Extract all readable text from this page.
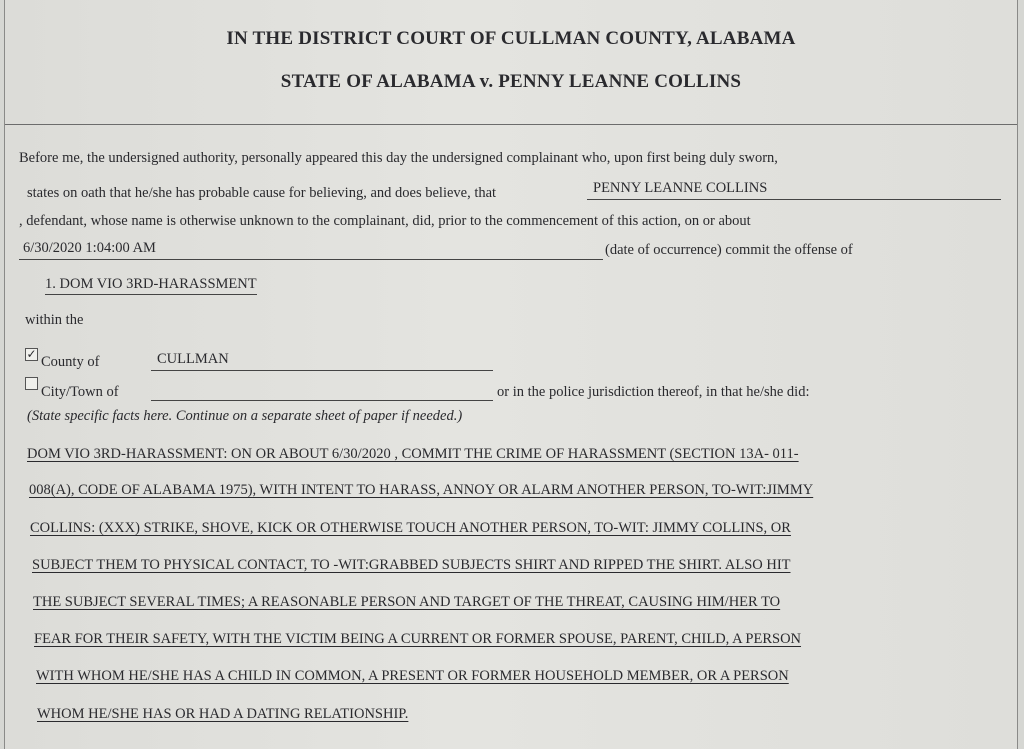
IN THE DISTRICT COURT OF CULLMAN COUNTY, ALABAMA
STATE OF ALABAMA v. PENNY LEANNE COLLINS
Before me, the undersigned authority, personally appeared this day the undersigned complainant who, upon first being duly sworn,
states on oath that he/she has probable cause for believing, and does believe, that	PENNY LEANNE COLLINS
, defendant, whose name is otherwise unknown to the complainant, did, prior to the commencement of this action, on or about
6/30/2020 1:04:00 AM	(date of occurrence) commit the offense of
1. DOM VIO 3RD-HARASSMENT
within the
✓ County of	CULLMAN
City/Town of	or in the police jurisdiction thereof, in that he/she did:
(State specific facts here. Continue on a separate sheet of paper if needed.)
DOM VIO 3RD-HARASSMENT: ON OR ABOUT 6/30/2020 , COMMIT THE CRIME OF HARASSMENT (SECTION 13A- 011-
008(A), CODE OF ALABAMA 1975), WITH INTENT TO HARASS, ANNOY OR ALARM ANOTHER PERSON, TO-WIT:JIMMY
COLLINS: (XXX) STRIKE, SHOVE, KICK OR OTHERWISE TOUCH ANOTHER PERSON, TO-WIT: JIMMY COLLINS, OR
SUBJECT THEM TO PHYSICAL CONTACT, TO -WIT:GRABBED SUBJECTS SHIRT AND RIPPED THE SHIRT. ALSO HIT
THE SUBJECT SEVERAL TIMES; A REASONABLE PERSON AND TARGET OF THE THREAT, CAUSING HIM/HER TO
FEAR FOR THEIR SAFETY, WITH THE VICTIM BEING A CURRENT OR FORMER SPOUSE, PARENT, CHILD, A PERSON
WITH WHOM HE/SHE HAS A CHILD IN COMMON, A PRESENT OR FORMER HOUSEHOLD MEMBER, OR A PERSON
WHOM HE/SHE HAS OR HAD A DATING RELATIONSHIP.
